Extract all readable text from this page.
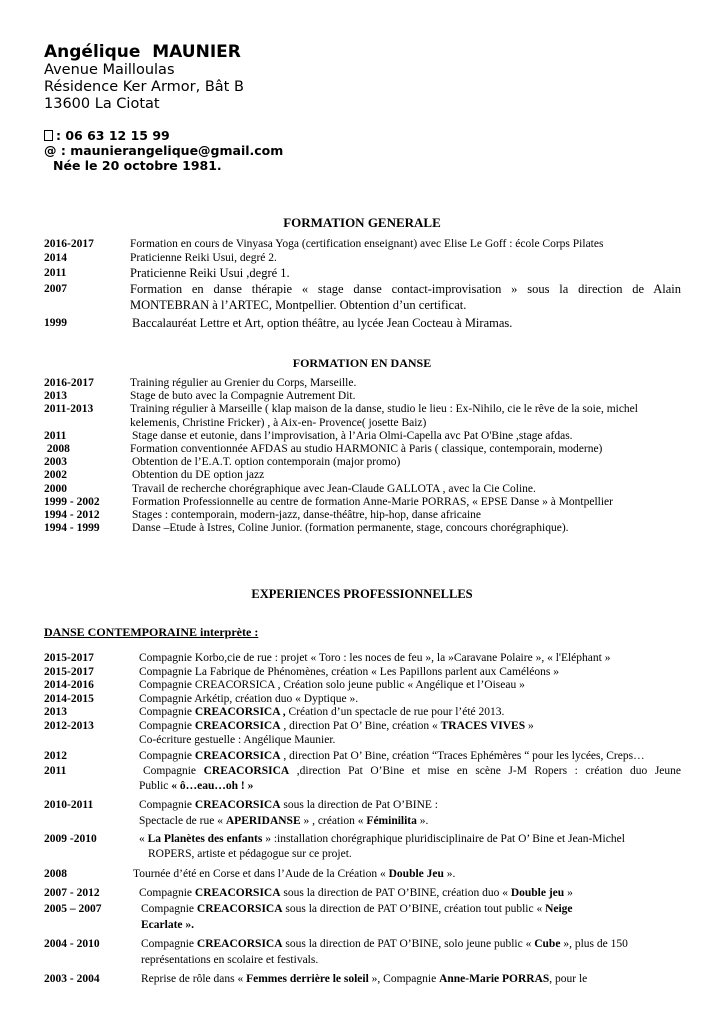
Angélique  MAUNIER
Avenue Mailloulas
Résidence Ker Armor, Bât B
13600 La Ciotat
: 06 63 12 15 99
@ : maunierangelique@gmail.com
Née le 20 octobre 1981.
FORMATION GENERALE
2016-2017	Formation en cours de Vinyasa Yoga (certification enseignant) avec Elise Le Goff : école Corps Pilates
2014	Praticienne Reiki Usui, degré 2.
2011	Praticienne Reiki Usui ,degré 1.
2007	Formation en danse thérapie « stage danse contact-improvisation » sous la direction de Alain
MONTEBRAN à l’ARTEC, Montpellier. Obtention d’un certificat.
1999	Baccalauréat Lettre et Art, option théâtre, au lycée Jean Cocteau à Miramas.
FORMATION EN DANSE
2016-2017	Training régulier au Grenier du Corps, Marseille.
2013	Stage de buto avec la Compagnie Autrement Dit.
2011-2013	Training régulier à Marseille ( klap maison de la danse, studio le lieu : Ex-Nihilo, cie le rêve de la soie, michel
kelemenis, Christine Fricker) , à Aix-en- Provence( josette Baiz)
2011	Stage danse et eutonie, dans l’improvisation, à l’Aria Olmi-Capella avc Pat O'Bine ,stage afdas.
2008	Formation conventionnée AFDAS au studio HARMONIC à Paris ( classique, contemporain, moderne)
2003	Obtention de l’E.A.T. option contemporain (major promo)
2002	Obtention du DE option jazz
2000	Travail de recherche chorégraphique avec Jean-Claude GALLOTA , avec la Cie Coline.
1999 - 2002	Formation Professionnelle au centre de formation Anne-Marie PORRAS, « EPSE Danse » à Montpellier
1994 - 2012	Stages : contemporain, modern-jazz, danse-théâtre, hip-hop, danse africaine
1994 - 1999	Danse –Etude à Istres, Coline Junior. (formation permanente, stage, concours chorégraphique).
EXPERIENCES PROFESSIONNELLES
DANSE CONTEMPORAINE interprète :
2015-2017	Compagnie Korbo,cie de rue : projet « Toro : les noces de feu », la »Caravane Polaire », « l'Eléphant »
2015-2017	Compagnie La Fabrique de Phénomènes, création « Les Papillons parlent aux Caméléons »
2014-2016	Compagnie CREACORSICA , Création solo jeune public « Angélique et l’Oiseau »
2014-2015	Compagnie Arkétip, création duo « Dyptique ».
2013	Compagnie CREACORSICA , Création d’un spectacle de rue pour l’été 2013.
2012-2013	Compagnie CREACORSICA , direction Pat O’ Bine, création « TRACES VIVES »
Co-écriture gestuelle : Angélique Maunier.
2012	Compagnie CREACORSICA , direction Pat O’ Bine, création “Traces Ephémères “ pour les lycées, Creps…
2011	Compagnie CREACORSICA ,direction Pat O’Bine et mise en scène J-M Ropers : création duo Jeune
Public « ô…eau…oh ! »
2010-2011	Compagnie CREACORSICA sous la direction de Pat O’BINE :
Spectacle de rue « APERIDANSE » , création « Féminilita ».
2009 -2010	« La Planètes des enfants » :installation chorégraphique pluridisciplinaire de Pat O’ Bine et Jean-Michel
ROPERS, artiste et pédagogue sur ce projet.
2008	Tournée d’été en Corse et dans l’Aude de la Création « Double Jeu ».
2007 - 2012	Compagnie CREACORSICA sous la direction de PAT O’BINE, création duo « Double jeu »
2005 – 2007	Compagnie CREACORSICA sous la direction de PAT O’BINE, création tout public « Neige
Ecarlate ».
2004 - 2010	Compagnie CREACORSICA sous la direction de PAT O’BINE, solo jeune public « Cube », plus de 150
représentations en scolaire et festivals.
2003 - 2004	Reprise de rôle dans « Femmes derrière le soleil », Compagnie Anne-Marie PORRAS, pour le
